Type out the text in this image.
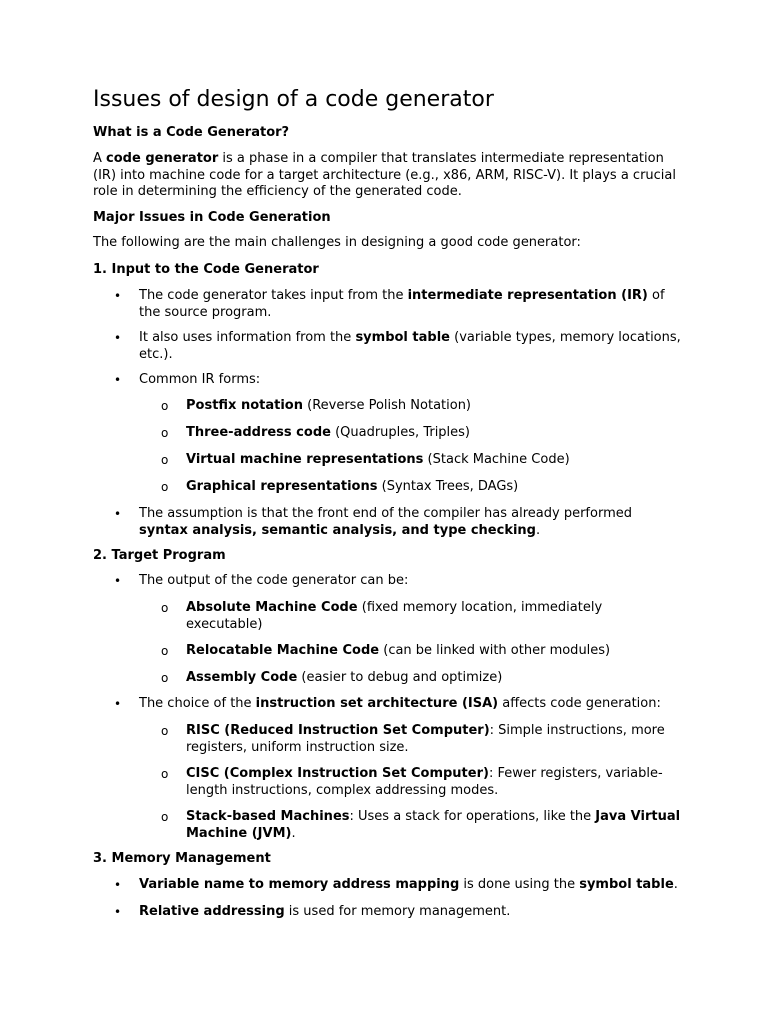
Issues of design of a code generator

What is a Code Generator?

A code generator is a phase in a compiler that translates intermediate representation (IR) into machine code for a target architecture (e.g., x86, ARM, RISC-V). It plays a crucial role in determining the efficiency of the generated code.

Major Issues in Code Generation

The following are the main challenges in designing a good code generator:

1. Input to the Code Generator

• The code generator takes input from the intermediate representation (IR) of the source program.
• It also uses information from the symbol table (variable types, memory locations, etc.).
• Common IR forms:
o Postfix notation (Reverse Polish Notation)
o Three-address code (Quadruples, Triples)
o Virtual machine representations (Stack Machine Code)
o Graphical representations (Syntax Trees, DAGs)
• The assumption is that the front end of the compiler has already performed syntax analysis, semantic analysis, and type checking.

2. Target Program

• The output of the code generator can be:
o Absolute Machine Code (fixed memory location, immediately executable)
o Relocatable Machine Code (can be linked with other modules)
o Assembly Code (easier to debug and optimize)
• The choice of the instruction set architecture (ISA) affects code generation:
o RISC (Reduced Instruction Set Computer): Simple instructions, more registers, uniform instruction size.
o CISC (Complex Instruction Set Computer): Fewer registers, variable-length instructions, complex addressing modes.
o Stack-based Machines: Uses a stack for operations, like the Java Virtual Machine (JVM).

3. Memory Management

• Variable name to memory address mapping is done using the symbol table.
• Relative addressing is used for memory management.
